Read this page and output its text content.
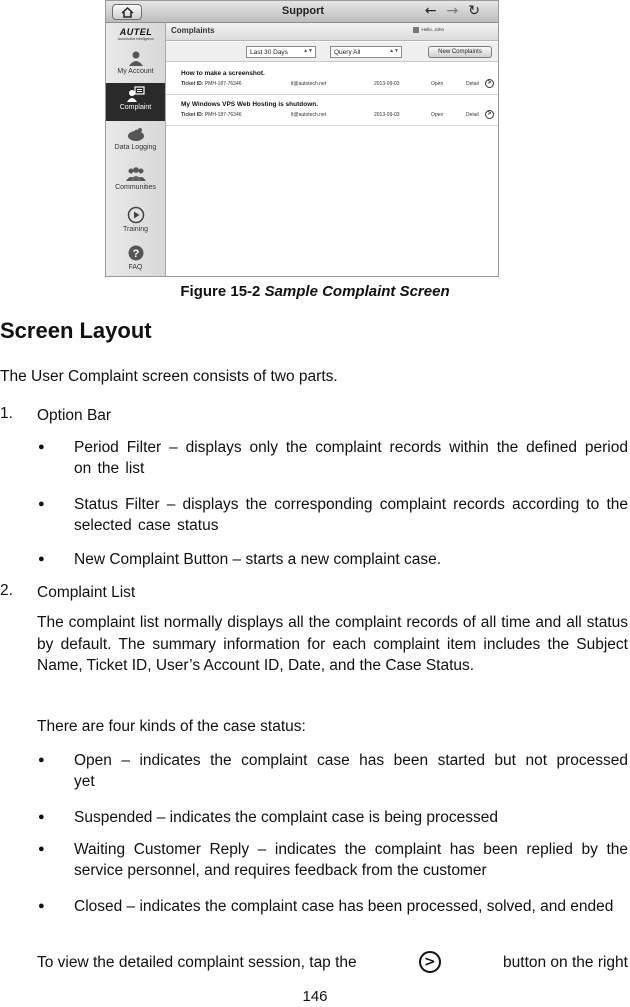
Support	←→↻
AUTEL
Automotive Intelligence
My Account
Complaint
Data Logging
Communities
Training
?
FAQ
Complaints	Hello, John
Last 30 Days	▲▼	Query All	▲▼	New Complaints
How to make a screenshot.
Ticket ID: PMH-187-76346	lt@autotech.net	2013-09-03	Open	Detail	>
My Windows VPS Web Hosting is shutdown.
Ticket ID: PMH-187-76346	lt@autotech.net	2013-09-03	Open	Detail	>
Figure 15-2 Sample Complaint Screen
Screen Layout
The User Complaint screen consists of two parts.
1. Option Bar
● Period Filter – displays only the complaint records within the defined period on the list
● Status Filter – displays the corresponding complaint records according to the selected case status
● New Complaint Button – starts a new complaint case.
2. Complaint List
The complaint list normally displays all the complaint records of all time and all status by default. The summary information for each complaint item includes the Subject Name, Ticket ID, User’s Account ID, Date, and the Case Status.
There are four kinds of the case status:
● Open – indicates the complaint case has been started but not processed yet
● Suspended – indicates the complaint case is being processed
● Waiting Customer Reply – indicates the complaint has been replied by the service personnel, and requires feedback from the customer
● Closed – indicates the complaint case has been processed, solved, and ended
To view the detailed complaint session, tap the	>	button on the right
146
